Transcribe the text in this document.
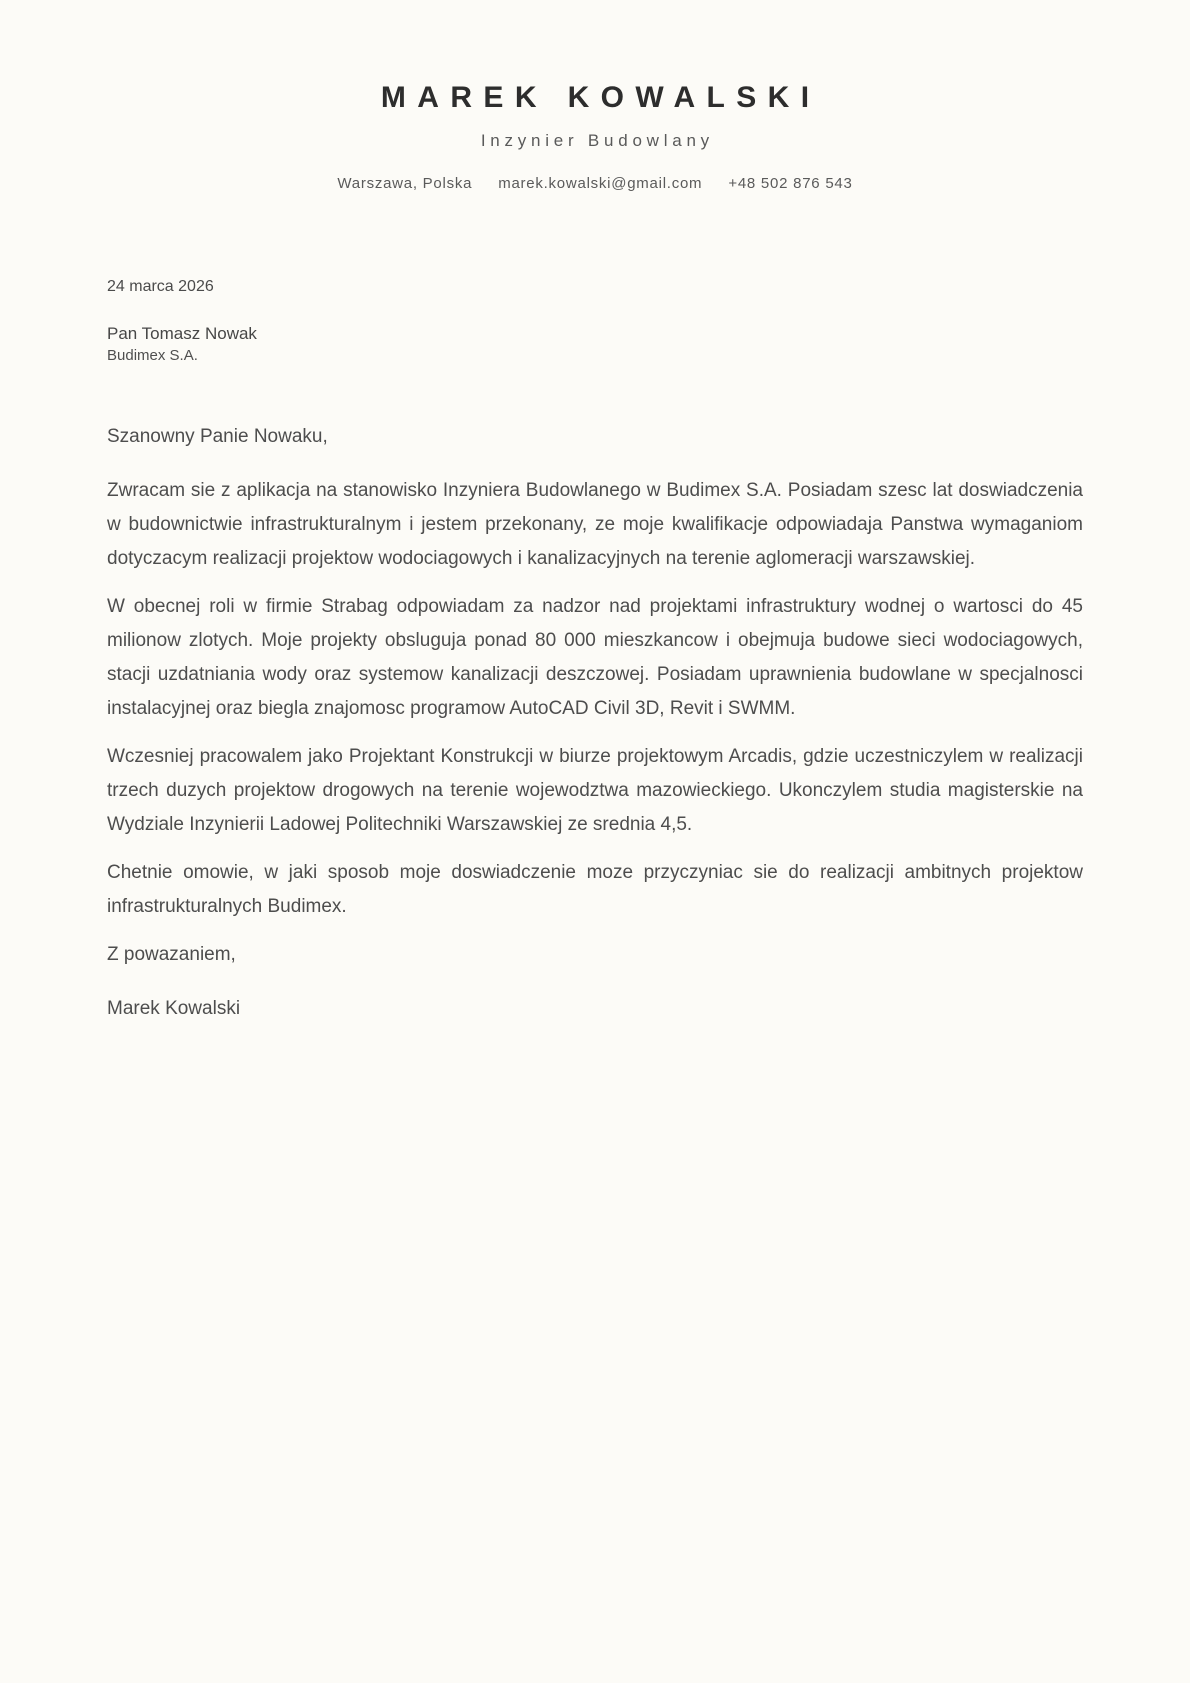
MAREK KOWALSKI
Inzynier Budowlany
Warszawa, Polska marek.kowalski@gmail.com +48 502 876 543

24 marca 2026

Pan Tomasz Nowak

Budimex S.A.

Szanowny Panie Nowaku,

Zwracam sie z aplikacja na stanowisko Inzyniera Budowlanego w Budimex S.A. Posiadam szesc lat doswiadczenia w budownictwie infrastrukturalnym i jestem przekonany, ze moje kwalifikacje odpowiadaja Panstwa wymaganiom dotyczacym realizacji projektow wodociagowych i kanalizacyjnych na terenie aglomeracji warszawskiej.

W obecnej roli w firmie Strabag odpowiadam za nadzor nad projektami infrastruktury wodnej o wartosci do 45 milionow zlotych. Moje projekty obsluguja ponad 80 000 mieszkancow i obejmuja budowe sieci wodociagowych, stacji uzdatniania wody oraz systemow kanalizacji deszczowej. Posiadam uprawnienia budowlane w specjalnosci instalacyjnej oraz biegla znajomosc programow AutoCAD Civil 3D, Revit i SWMM.

Wczesniej pracowalem jako Projektant Konstrukcji w biurze projektowym Arcadis, gdzie uczestniczylem w realizacji trzech duzych projektow drogowych na terenie wojewodztwa mazowieckiego. Ukonczylem studia magisterskie na Wydziale Inzynierii Ladowej Politechniki Warszawskiej ze srednia 4,5.

Chetnie omowie, w jaki sposob moje doswiadczenie moze przyczyniac sie do realizacji ambitnych projektow infrastrukturalnych Budimex.

Z powazaniem,

Marek Kowalski
